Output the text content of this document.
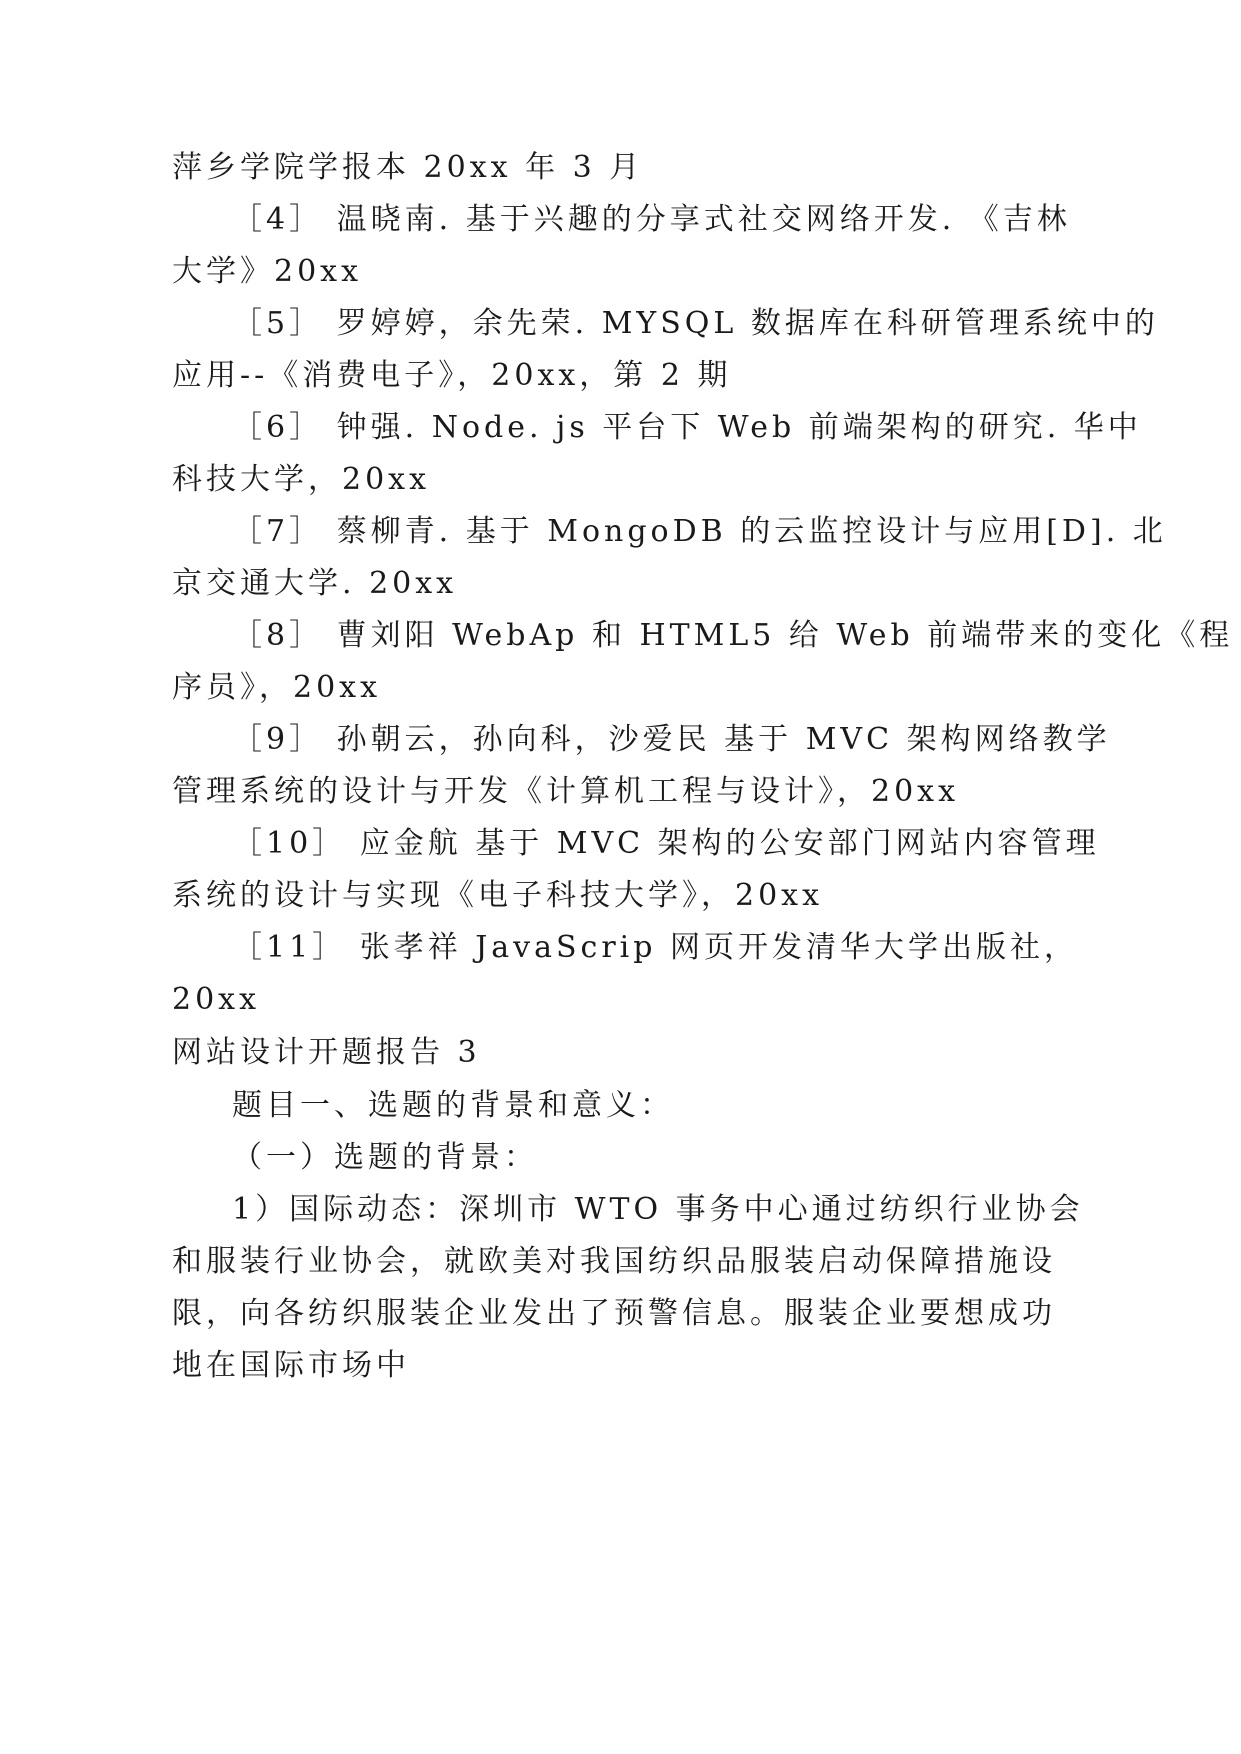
萍乡学院学报本 20xx 年 3 月
［4］ 温晓南. 基于兴趣的分享式社交网络开发. 《吉林
大学》20xx
［5］ 罗婷婷，余先荣. MYSQL 数据库在科研管理系统中的
应用--《消费电子》，20xx，第 2 期
［6］ 钟强. Node. js 平台下 Web 前端架构的研究. 华中
科技大学，20xx
［7］ 蔡柳青. 基于 MongoDB 的云监控设计与应用[D]. 北
京交通大学. 20xx
［8］ 曹刘阳 WebAp 和 HTML5 给 Web 前端带来的变化《程
序员》，20xx
［9］ 孙朝云，孙向科，沙爱民 基于 MVC 架构网络教学
管理系统的设计与开发《计算机工程与设计》，20xx
［10］ 应金航 基于 MVC 架构的公安部门网站内容管理
系统的设计与实现《电子科技大学》，20xx
［11］ 张孝祥 JavaScrip 网页开发清华大学出版社，
20xx
网站设计开题报告 3
题目一、选题的背景和意义：
（一）选题的背景：
1）国际动态：深圳市 WTO 事务中心通过纺织行业协会
和服装行业协会，就欧美对我国纺织品服装启动保障措施设
限，向各纺织服装企业发出了预警信息。服装企业要想成功
地在国际市场中
